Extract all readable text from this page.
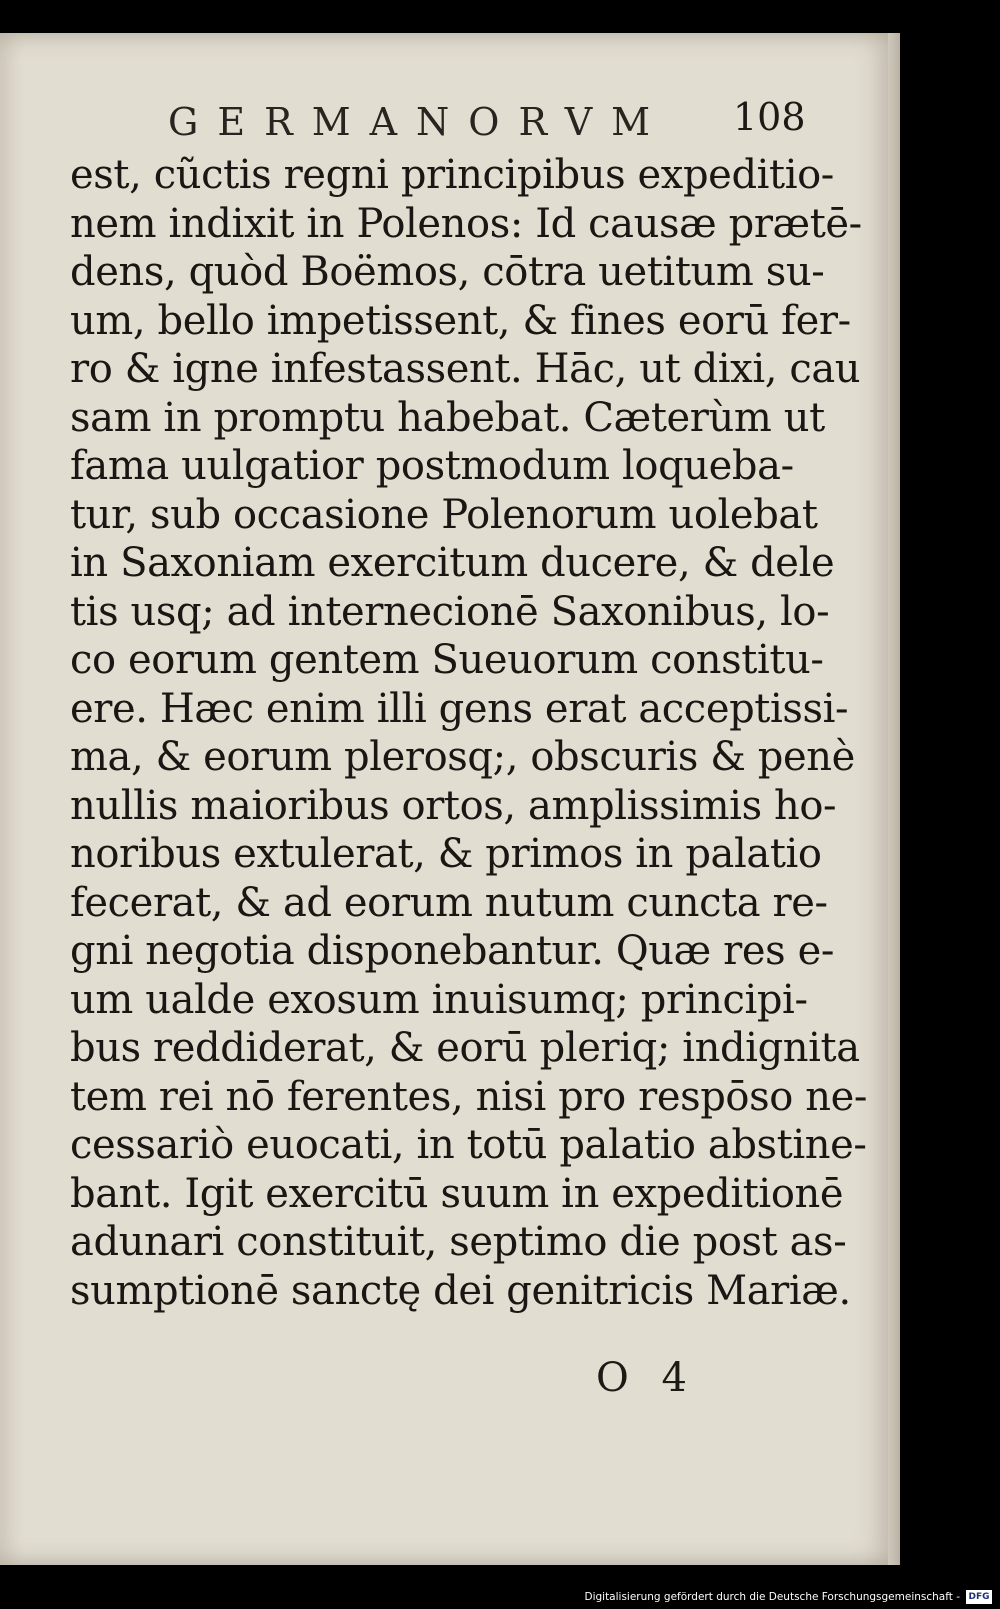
GERMANORVM 108
est, cũctis regni principibus expeditio-
nem indixit in Polenos: Id causæ prætē-
dens, quòd Boëmos, cōtra uetitum su-
um, bello impetissent, & fines eorū fer-
ro & igne infestassent. Hāc, ut dixi, cau
sam in promptu habebat. Cæterùm ut
fama uulgatior postmodum loqueba-
tur, sub occasione Polenorum uolebat
in Saxoniam exercitum ducere, & dele
tis usq; ad internecionē Saxonibus, lo-
co eorum gentem Sueuorum constitu-
ere. Hæc enim illi gens erat acceptissi-
ma, & eorum plerosq;, obscuris & penè
nullis maioribus ortos, amplissimis ho-
noribus extulerat, & primos in palatio
fecerat, & ad eorum nutum cuncta re-
gni negotia disponebantur. Quæ res e-
um ualde exosum inuisumq; principi-
bus reddiderat, & eorū pleriq; indignita
tem rei nō ferentes, nisi pro respōso ne-
cessariò euocati, in totū palatio abstine-
bant. Igit exercitū suum in expeditionē
adunari constituit, septimo die post as-
sumptionē sanctę dei genitricis Mariæ.
O 4
Digitalisierung gefördert durch die Deutsche Forschungsgemeinschaft - DFG
